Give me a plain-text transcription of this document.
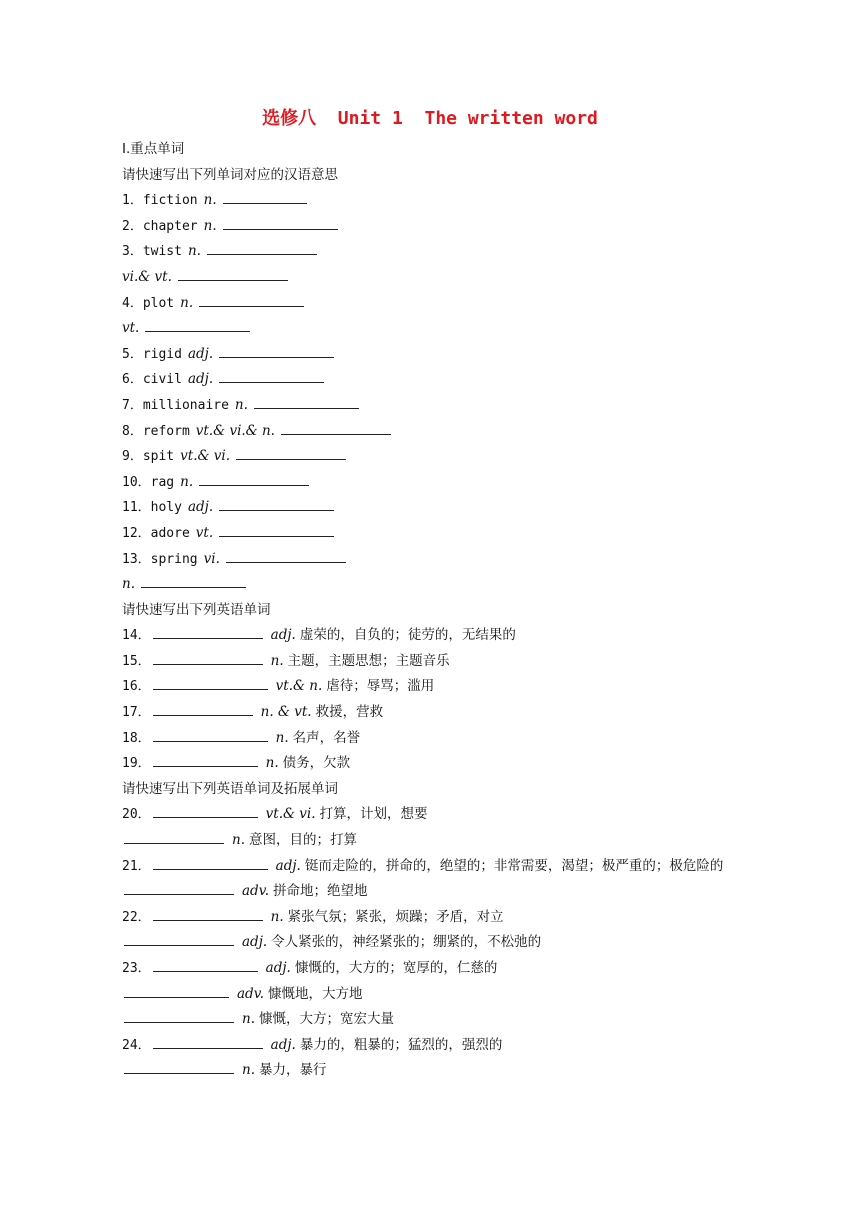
选修八 Unit 1 The written word
Ⅰ.重点单词
请快速写出下列单词对应的汉语意思
1．fiction n.
2．chapter n.
3．twist n.
vi.& vt.
4．plot n.
vt.
5．rigid adj.
6．civil adj.
7．millionaire n.
8．reform vt.& vi.& n.
9．spit vt.& vi.
10．rag n.
11．holy adj.
12．adore vt.
13．spring vi.
n.
请快速写出下列英语单词
14．	adj. 虚荣的，自负的；徒劳的，无结果的
15．	n. 主题，主题思想；主题音乐
16．	vt.& n. 虐待；辱骂；滥用
17．	n. & vt. 救援，营救
18．	n. 名声，名誉
19．	n. 债务，欠款
请快速写出下列英语单词及拓展单词
20．	vt.& vi. 打算，计划，想要
n. 意图，目的；打算
21．	adj. 铤而走险的，拼命的，绝望的；非常需要，渴望；极严重的；极危险的
adv. 拼命地；绝望地
22．	n. 紧张气氛；紧张，烦躁；矛盾，对立
adj. 令人紧张的，神经紧张的；绷紧的，不松弛的
23．	adj. 慷慨的，大方的；宽厚的，仁慈的
adv. 慷慨地，大方地
n. 慷慨，大方；宽宏大量
24．	adj. 暴力的，粗暴的；猛烈的，强烈的
n. 暴力，暴行
